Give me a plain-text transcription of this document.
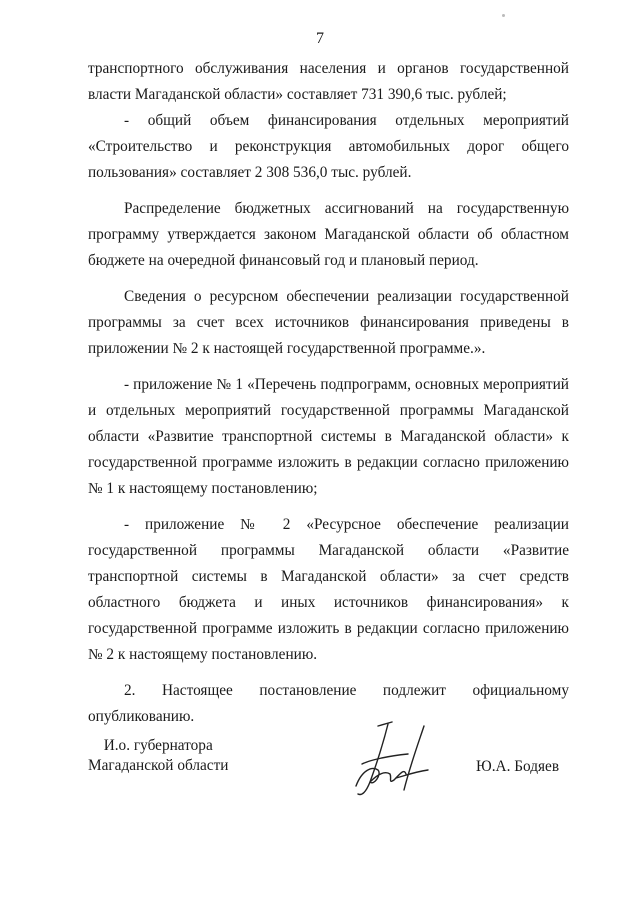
7

транспортного обслуживания населения и органов государственной власти Магаданской области» составляет 731 390,6 тыс. рублей;

- общий объем финансирования отдельных мероприятий «Строительство и реконструкция автомобильных дорог общего пользования» составляет 2 308 536,0 тыс. рублей.

Распределение бюджетных ассигнований на государственную программу утверждается законом Магаданской области об областном бюджете на очередной финансовый год и плановый период.

Сведения о ресурсном обеспечении реализации государственной программы за счет всех источников финансирования приведены в приложении № 2 к настоящей государственной программе.».

- приложение № 1 «Перечень подпрограмм, основных мероприятий и отдельных мероприятий государственной программы Магаданской области «Развитие транспортной системы в Магаданской области» к государственной программе изложить в редакции согласно приложению № 1 к настоящему постановлению;

- приложение № 2 «Ресурсное обеспечение реализации государственной программы Магаданской области «Развитие транспортной системы в Магаданской области» за счет средств областного бюджета и иных источников финансирования» к государственной программе изложить в редакции согласно приложению № 2 к настоящему постановлению.

2. Настоящее постановление подлежит официальному опубликованию.

И.о. губернатора
Магаданской области	Ю.А. Бодяев
